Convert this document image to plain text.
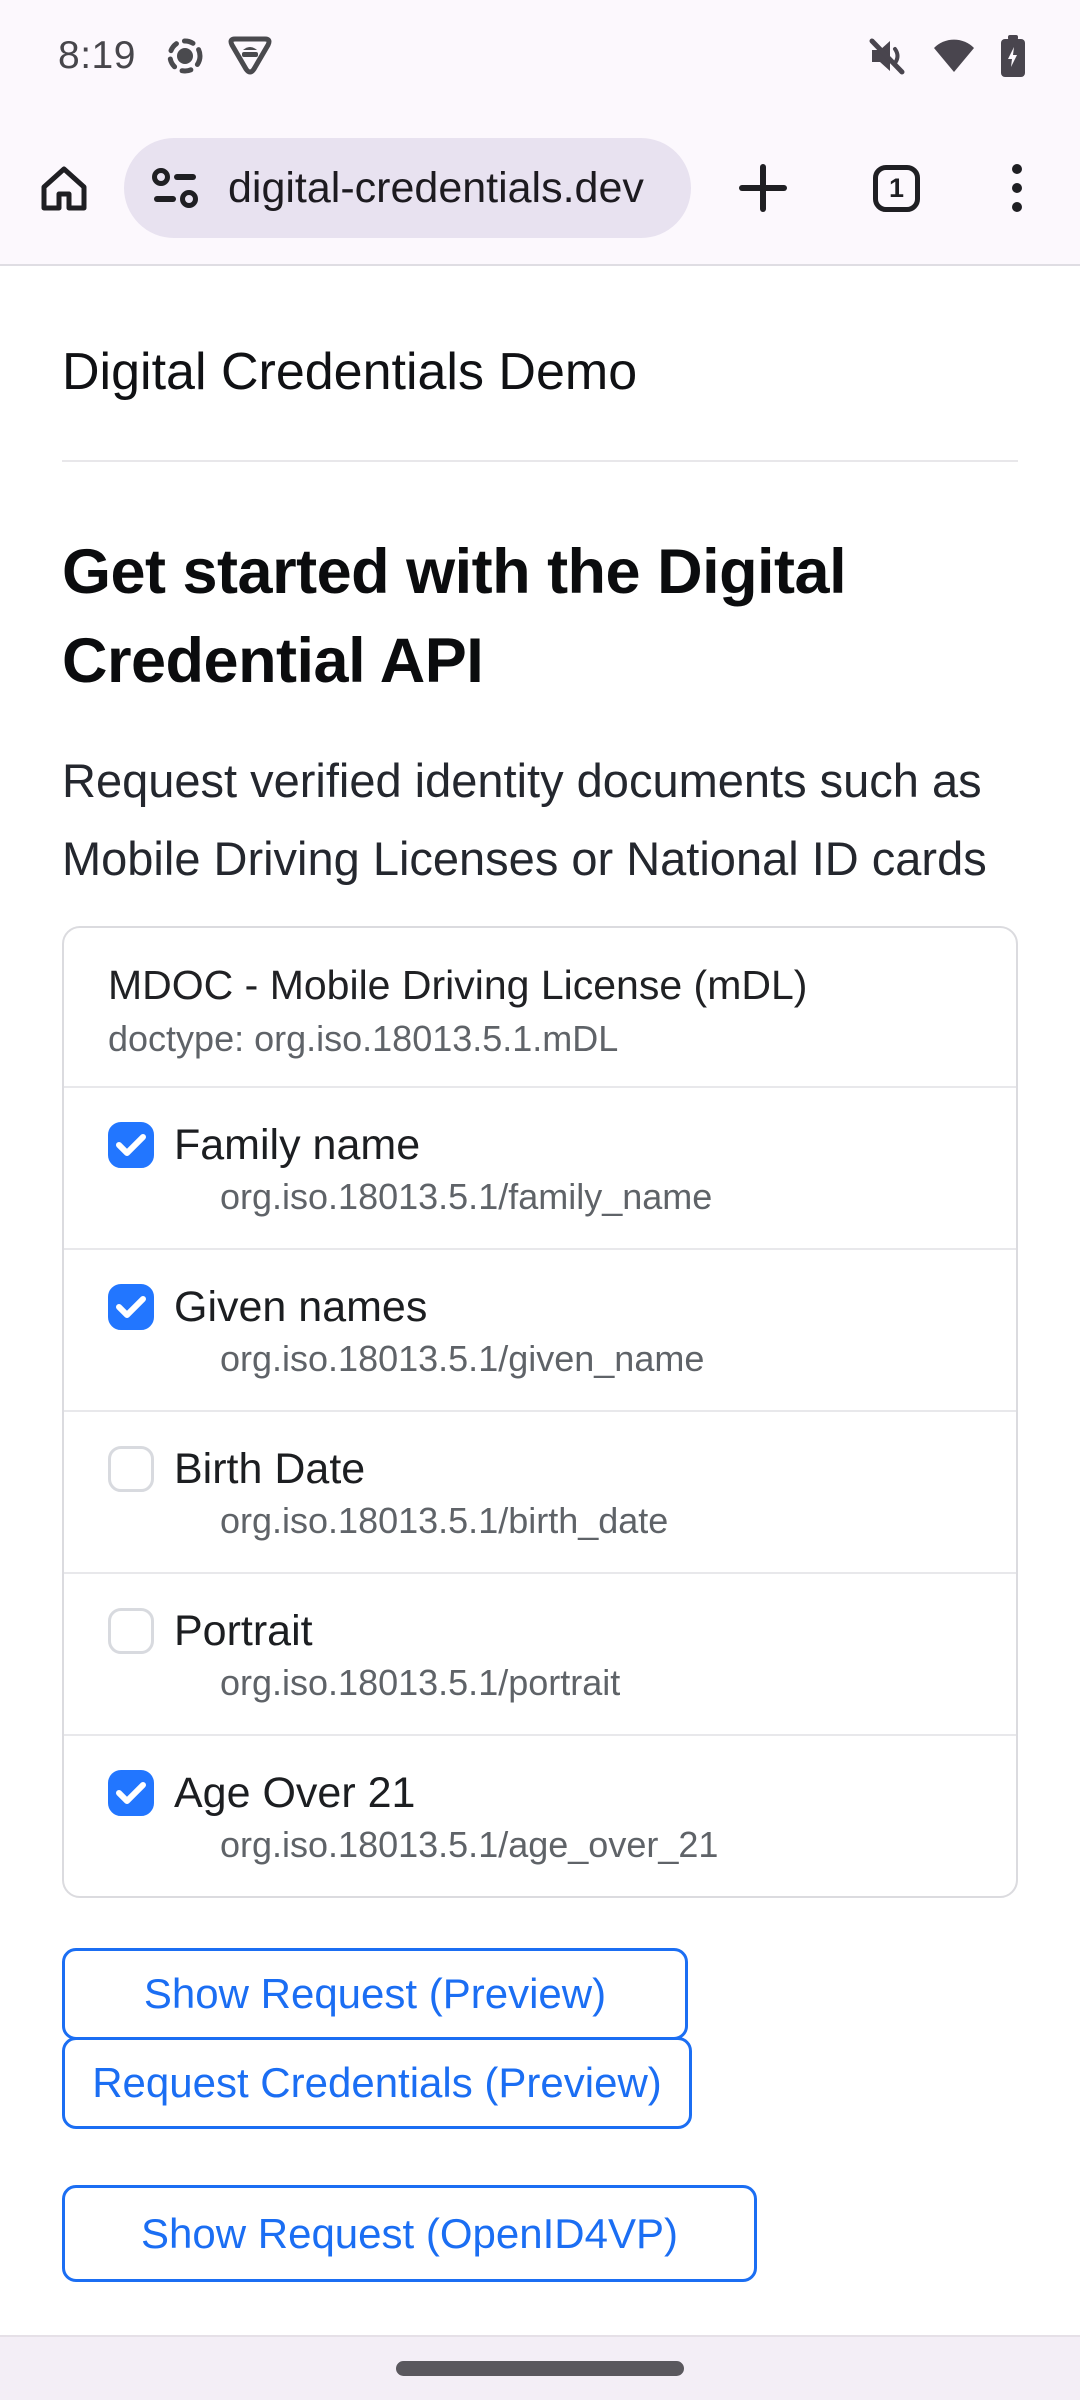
8:19
digital-credentials.dev	1
Digital Credentials Demo
Get started with the Digital Credential API
Request verified identity documents such as Mobile Driving Licenses or National ID cards
MDOC - Mobile Driving License (mDL)
doctype: org.iso.18013.5.1.mDL
Family name
org.iso.18013.5.1/family_name
Given names
org.iso.18013.5.1/given_name
Birth Date
org.iso.18013.5.1/birth_date
Portrait
org.iso.18013.5.1/portrait
Age Over 21
org.iso.18013.5.1/age_over_21
Show Request (Preview)
Request Credentials (Preview)
Show Request (OpenID4VP)
